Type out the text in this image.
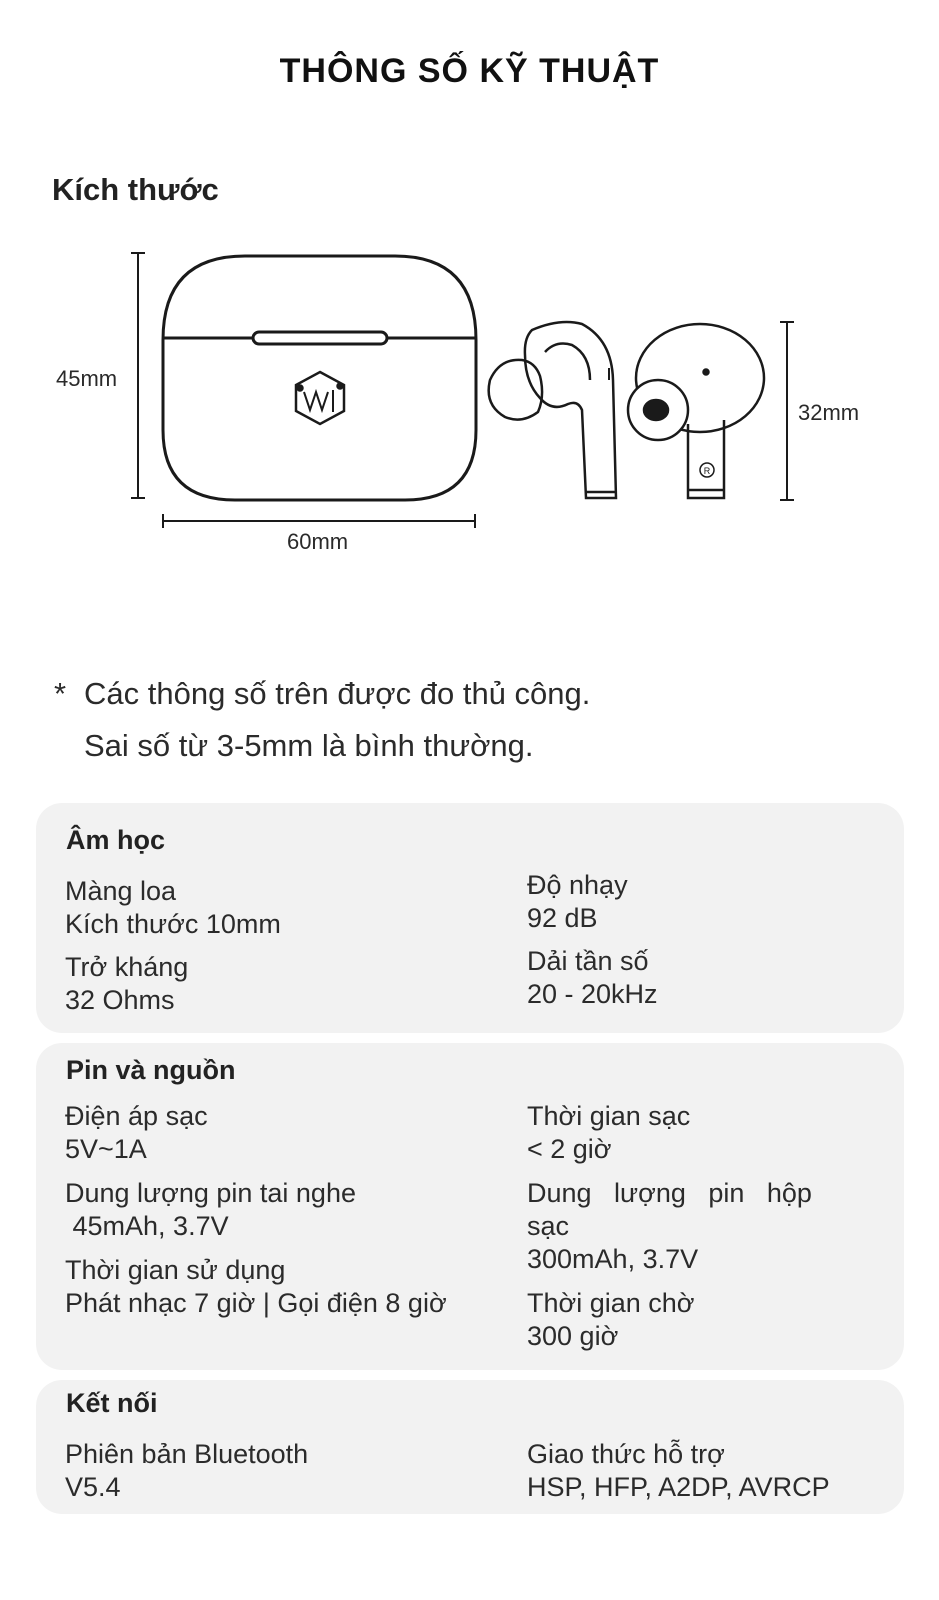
THÔNG SỐ KỸ THUẬT
Kích thước
R
45mm
60mm
32mm
* Các thông số trên được đo thủ công.
Sai số từ 3-5mm là bình thường.
Âm học
Màng loa
Kích thước 10mm
Trở kháng
32 Ohms
Độ nhạy
92 dB
Dải tần số
20 - 20kHz
Pin và nguồn
Điện áp sạc
5V~1A
Dung lượng pin tai nghe
45mAh, 3.7V
Thời gian sử dụng
Phát nhạc 7 giờ | Gọi điện 8 giờ
Thời gian sạc
< 2 giờ
Dung   lượng   pin   hộp
sạc
300mAh, 3.7V
Thời gian chờ
300 giờ
Kết nối
Phiên bản Bluetooth
V5.4
Giao thức hỗ trợ
HSP, HFP, A2DP, AVRCP
